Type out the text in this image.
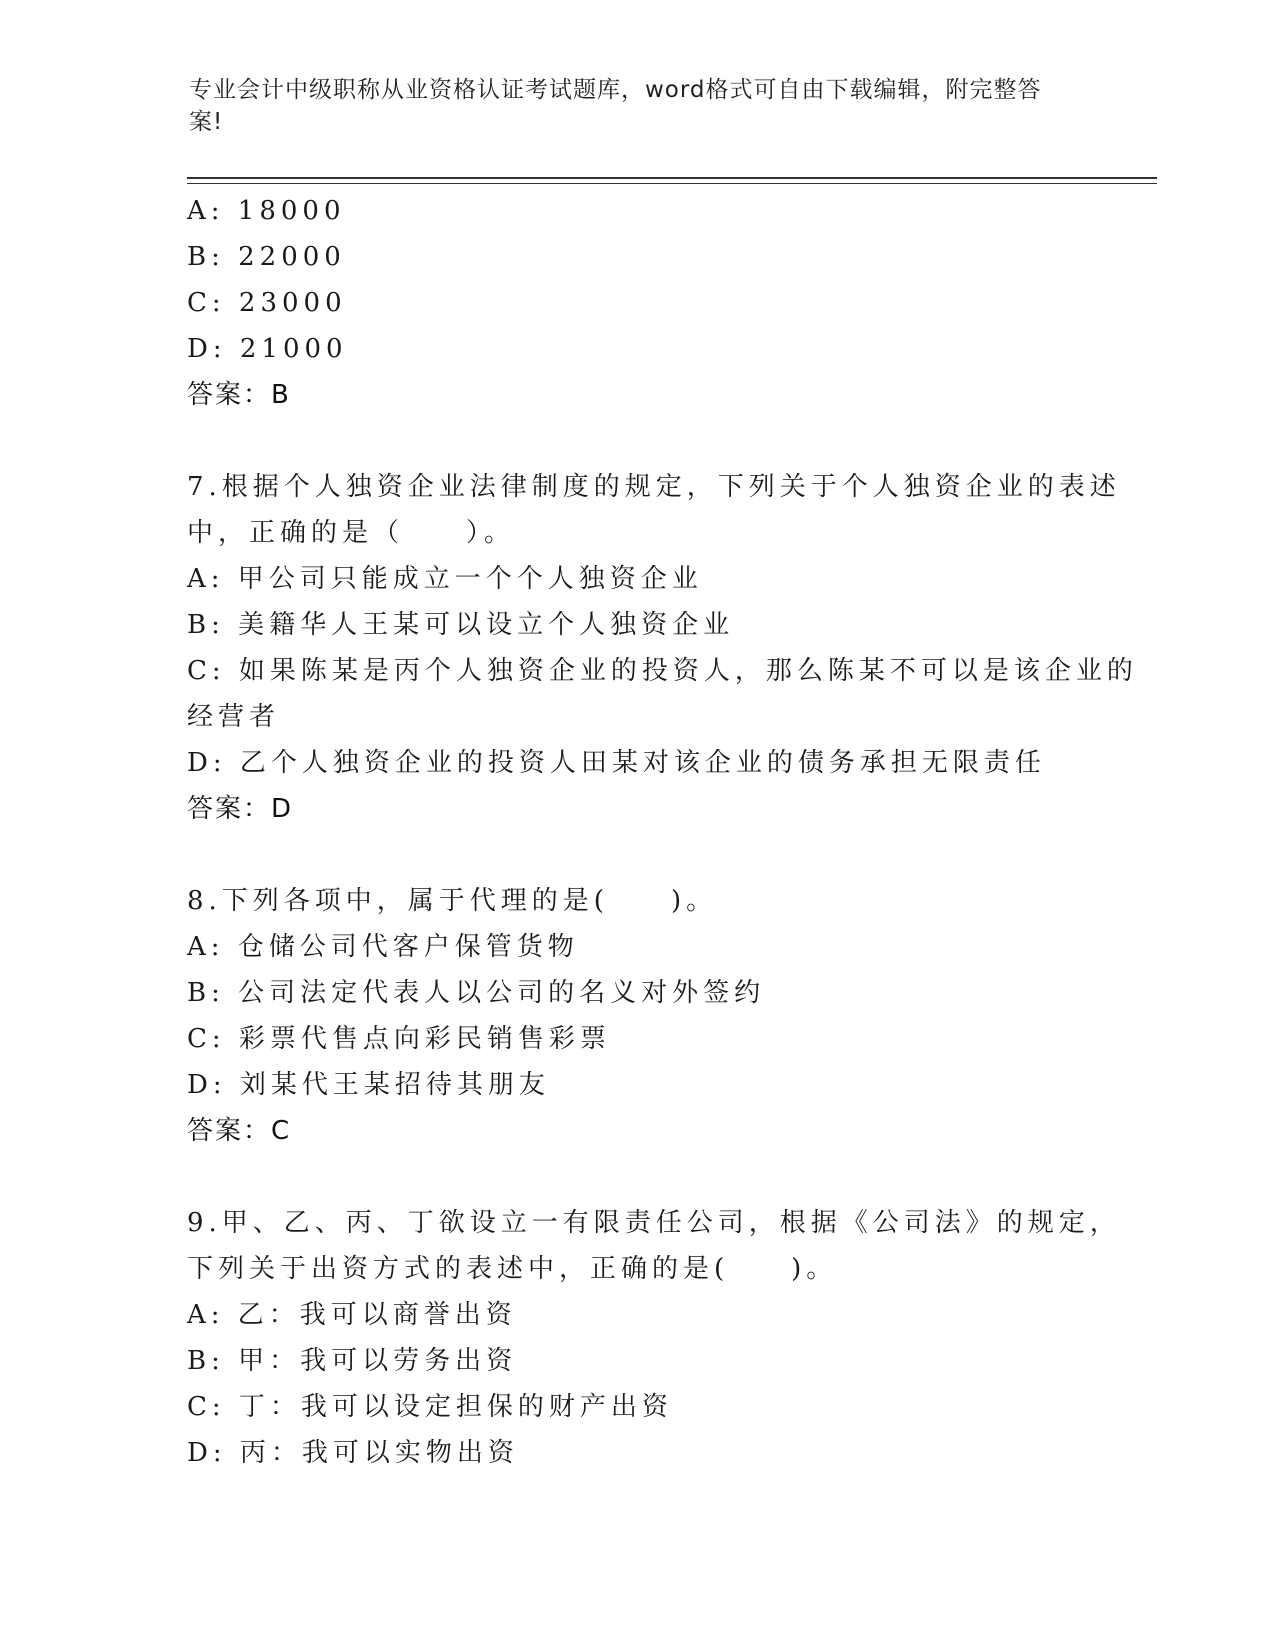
专业会计中级职称从业资格认证考试题库，word格式可自由下载编辑，附完整答
案!
A: 18000
B: 22000
C: 23000
D: 21000
答案：B
7.根据个人独资企业法律制度的规定，下列关于个人独资企业的表述
中，正确的是（　　）。
A: 甲公司只能成立一个个人独资企业
B: 美籍华人王某可以设立个人独资企业
C: 如果陈某是丙个人独资企业的投资人，那么陈某不可以是该企业的
经营者
D: 乙个人独资企业的投资人田某对该企业的债务承担无限责任
答案：D
8.下列各项中，属于代理的是(　　)。
A: 仓储公司代客户保管货物
B: 公司法定代表人以公司的名义对外签约
C: 彩票代售点向彩民销售彩票
D: 刘某代王某招待其朋友
答案：C
9.甲、乙、丙、丁欲设立一有限责任公司，根据《公司法》的规定，
下列关于出资方式的表述中，正确的是(　　)。
A: 乙：我可以商誉出资
B: 甲：我可以劳务出资
C: 丁：我可以设定担保的财产出资
D: 丙：我可以实物出资
